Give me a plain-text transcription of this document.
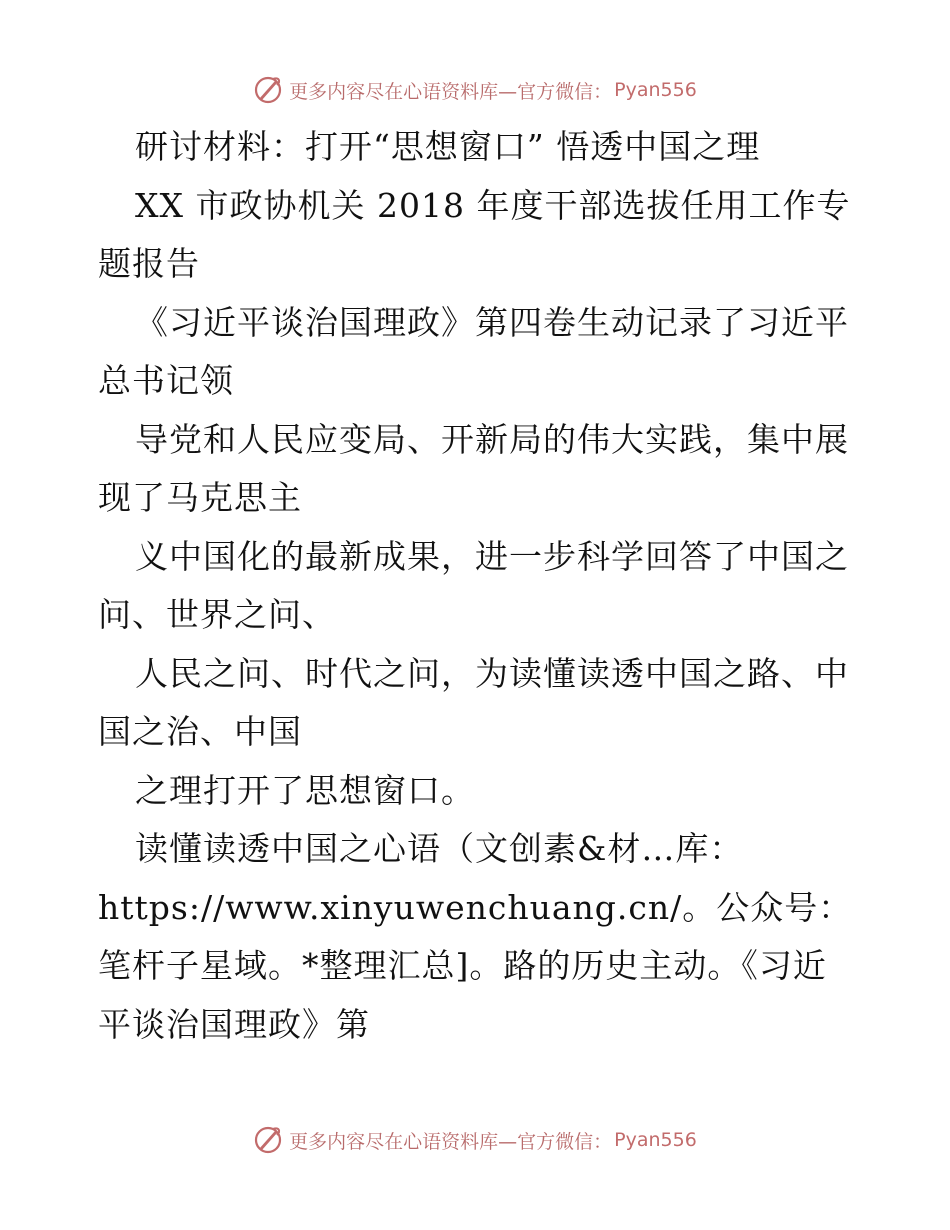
更多内容尽在心语资料库—官方微信： Pyan556

研讨材料：打开“思想窗口” 悟透中国之理

XX 市政协机关 2018 年度干部选拔任用工作专题报告

《习近平谈治国理政》第四卷生动记录了习近平总书记领

导党和人民应变局、开新局的伟大实践，集中展现了马克思主

义中国化的最新成果，进一步科学回答了中国之问、世界之问、

人民之问、时代之问，为读懂读透中国之路、中国之治、中国

之理打开了思想窗口。

读懂读透中国之心语（文创素&材…库：https://www.xinyuwenchuang.cn/。公众号：笔杆子星域。*整理汇总]。路的历史主动。《习近平谈治国理政》第

更多内容尽在心语资料库—官方微信： Pyan556
